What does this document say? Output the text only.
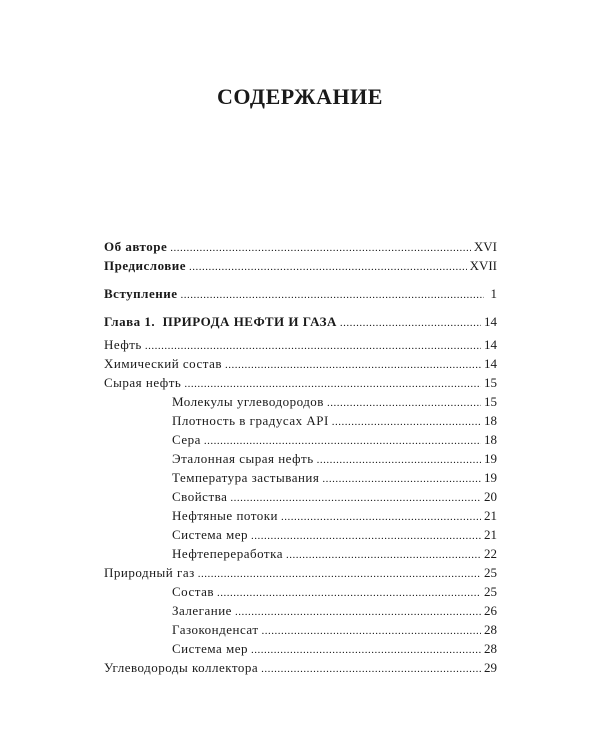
СОДЕРЖАНИЕ
Об авторе .....	XVI
Предисловие .....	XVII
Вступление .....	1
Глава 1.  ПРИРОДА НЕФТИ И ГАЗА .....	14
Нефть .....	14
Химический состав .....	14
Сырая нефть .....	15
Молекулы углеводородов .....	15
Плотность в градусах API .....	18
Сера .....	18
Эталонная сырая нефть .....	19
Температура застывания .....	19
Свойства .....	20
Нефтяные потоки .....	21
Система мер .....	21
Нефтепереработка .....	22
Природный газ .....	25
Состав .....	25
Залегание .....	26
Газоконденсат .....	28
Система мер .....	28
Углеводороды коллектора .....	29
